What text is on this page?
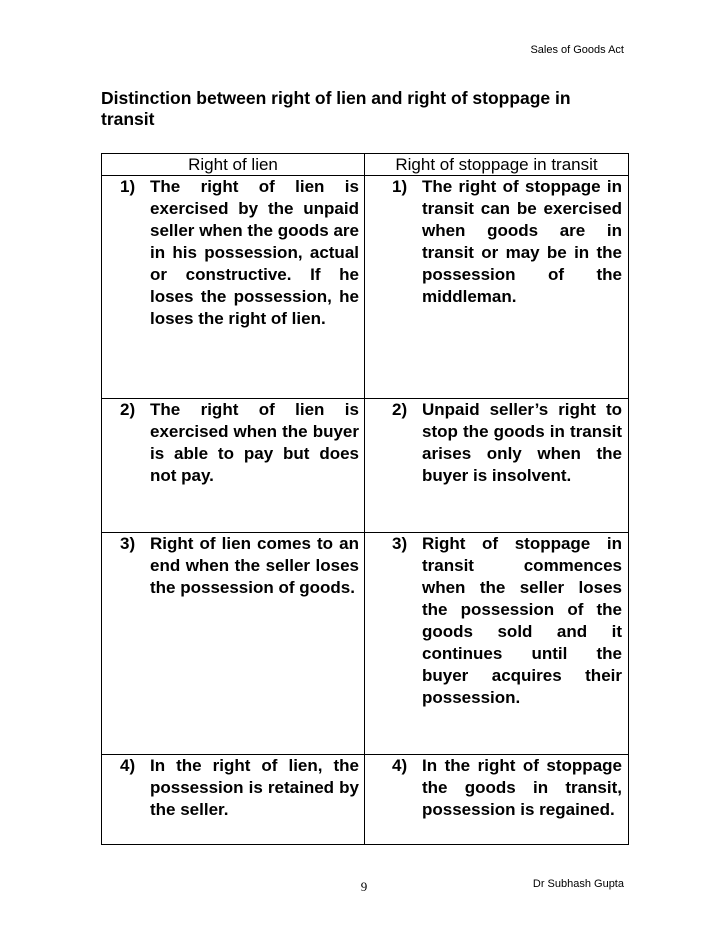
Sales of Goods Act
Distinction between right of lien and right of stoppage in transit
Right of lien	Right of stoppage in transit

1) The right of lien is exercised by the unpaid seller when the goods are in his possession, actual or constructive. If he loses the possession, he loses the right of lien.	1) The right of stoppage in transit can be exercised when goods are in transit or may be in the possession of the middleman.

2) The right of lien is exercised when the buyer is able to pay but does not pay.	2) Unpaid seller’s right to stop the goods in transit arises only when the buyer is insolvent.

3) Right of lien comes to an end when the seller loses the possession of goods.	3) Right of stoppage in transit commences when the seller loses the possession of the goods sold and it continues until the buyer acquires their possession.

4) In the right of lien, the possession is retained by the seller.	4) In the right of stoppage the goods in transit, possession is regained.
9	Dr Subhash Gupta
